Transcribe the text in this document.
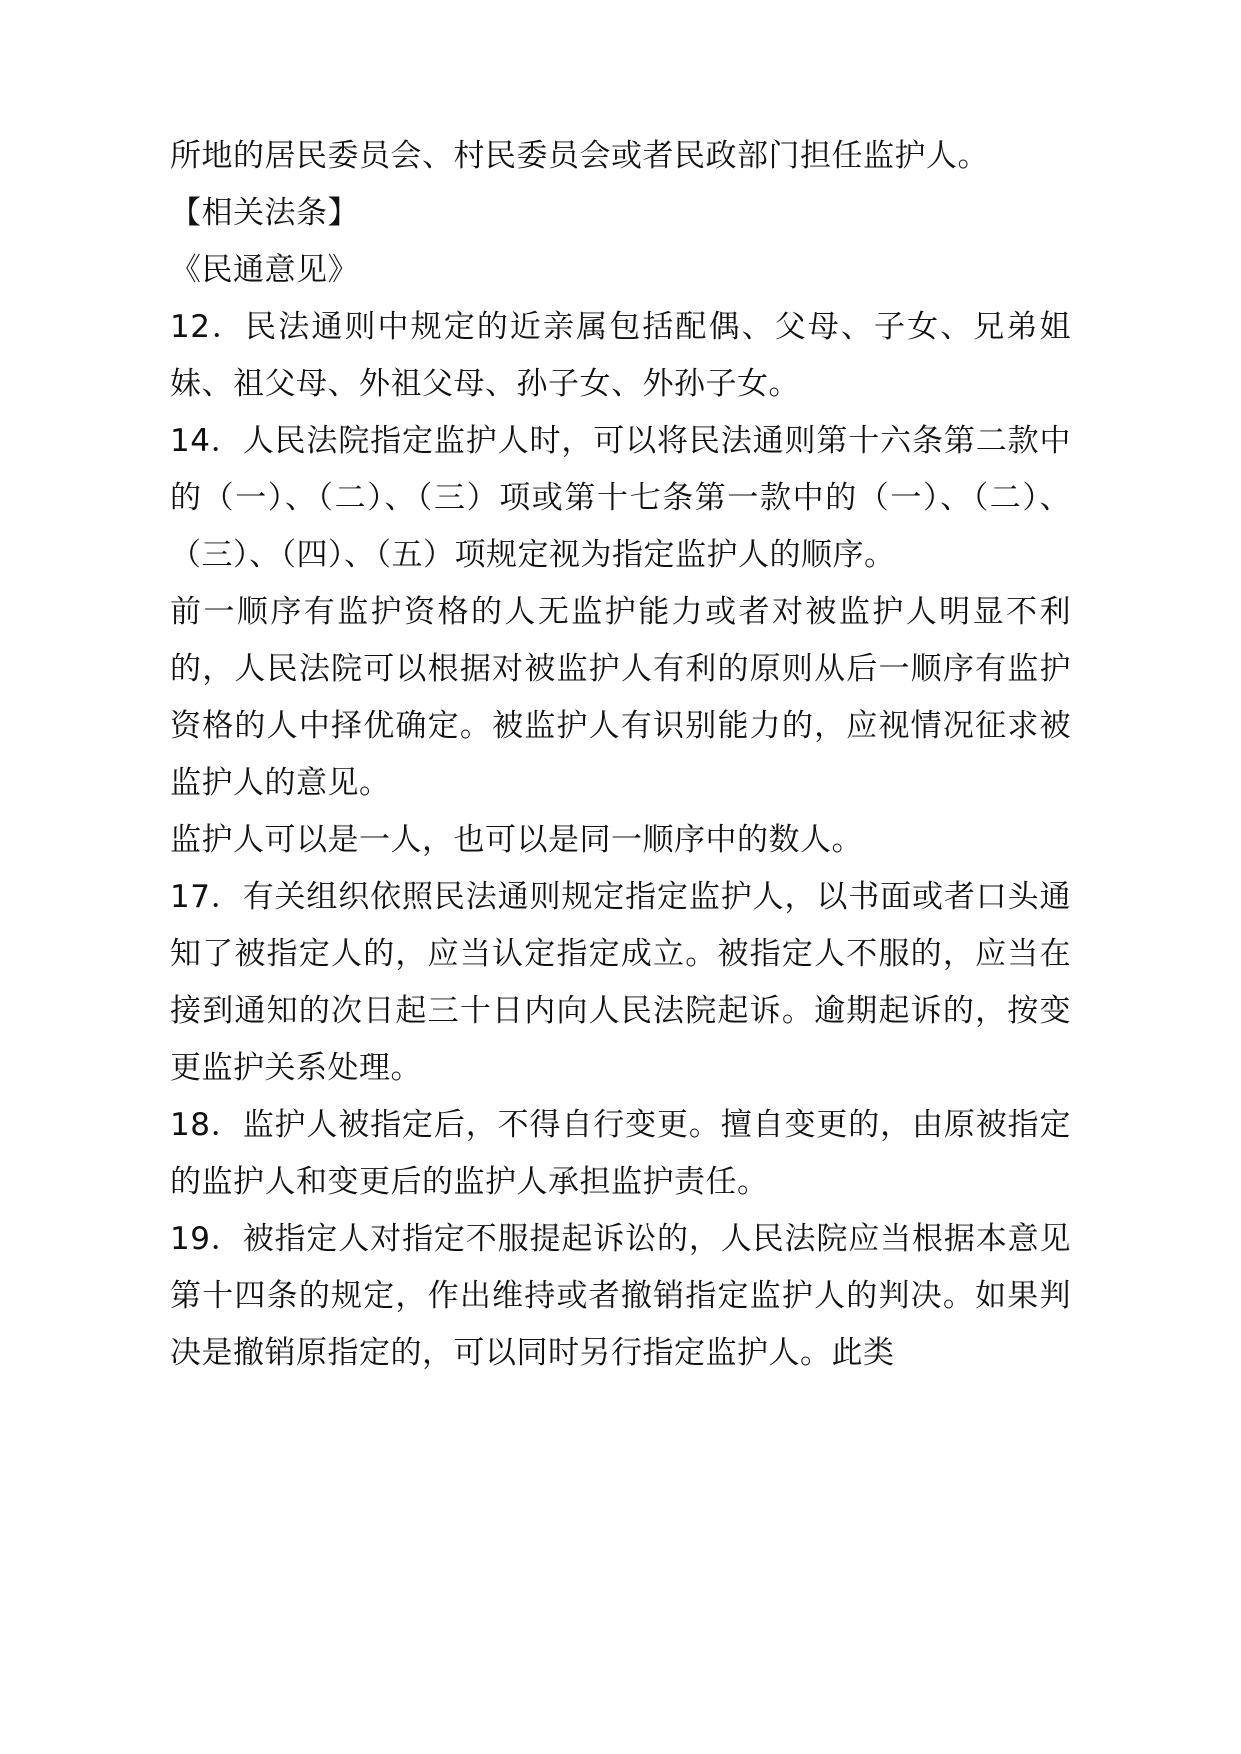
所地的居民委员会、村民委员会或者民政部门担任监护人。

【相关法条】

《民通意见》

12．民法通则中规定的近亲属包括配偶、父母、子女、兄弟姐妹、祖父母、外祖父母、孙子女、外孙子女。

14．人民法院指定监护人时，可以将民法通则第十六条第二款中的（一）、（二）、（三）项或第十七条第一款中的（一）、（二）、（三）、（四）、（五）项规定视为指定监护人的顺序。

前一顺序有监护资格的人无监护能力或者对被监护人明显不利的，人民法院可以根据对被监护人有利的原则从后一顺序有监护资格的人中择优确定。被监护人有识别能力的，应视情况征求被监护人的意见。

监护人可以是一人，也可以是同一顺序中的数人。

17．有关组织依照民法通则规定指定监护人，以书面或者口头通知了被指定人的，应当认定指定成立。被指定人不服的，应当在接到通知的次日起三十日内向人民法院起诉。逾期起诉的，按变更监护关系处理。

18．监护人被指定后，不得自行变更。擅自变更的，由原被指定的监护人和变更后的监护人承担监护责任。

19．被指定人对指定不服提起诉讼的，人民法院应当根据本意见第十四条的规定，作出维持或者撤销指定监护人的判决。如果判决是撤销原指定的，可以同时另行指定监护人。此类
